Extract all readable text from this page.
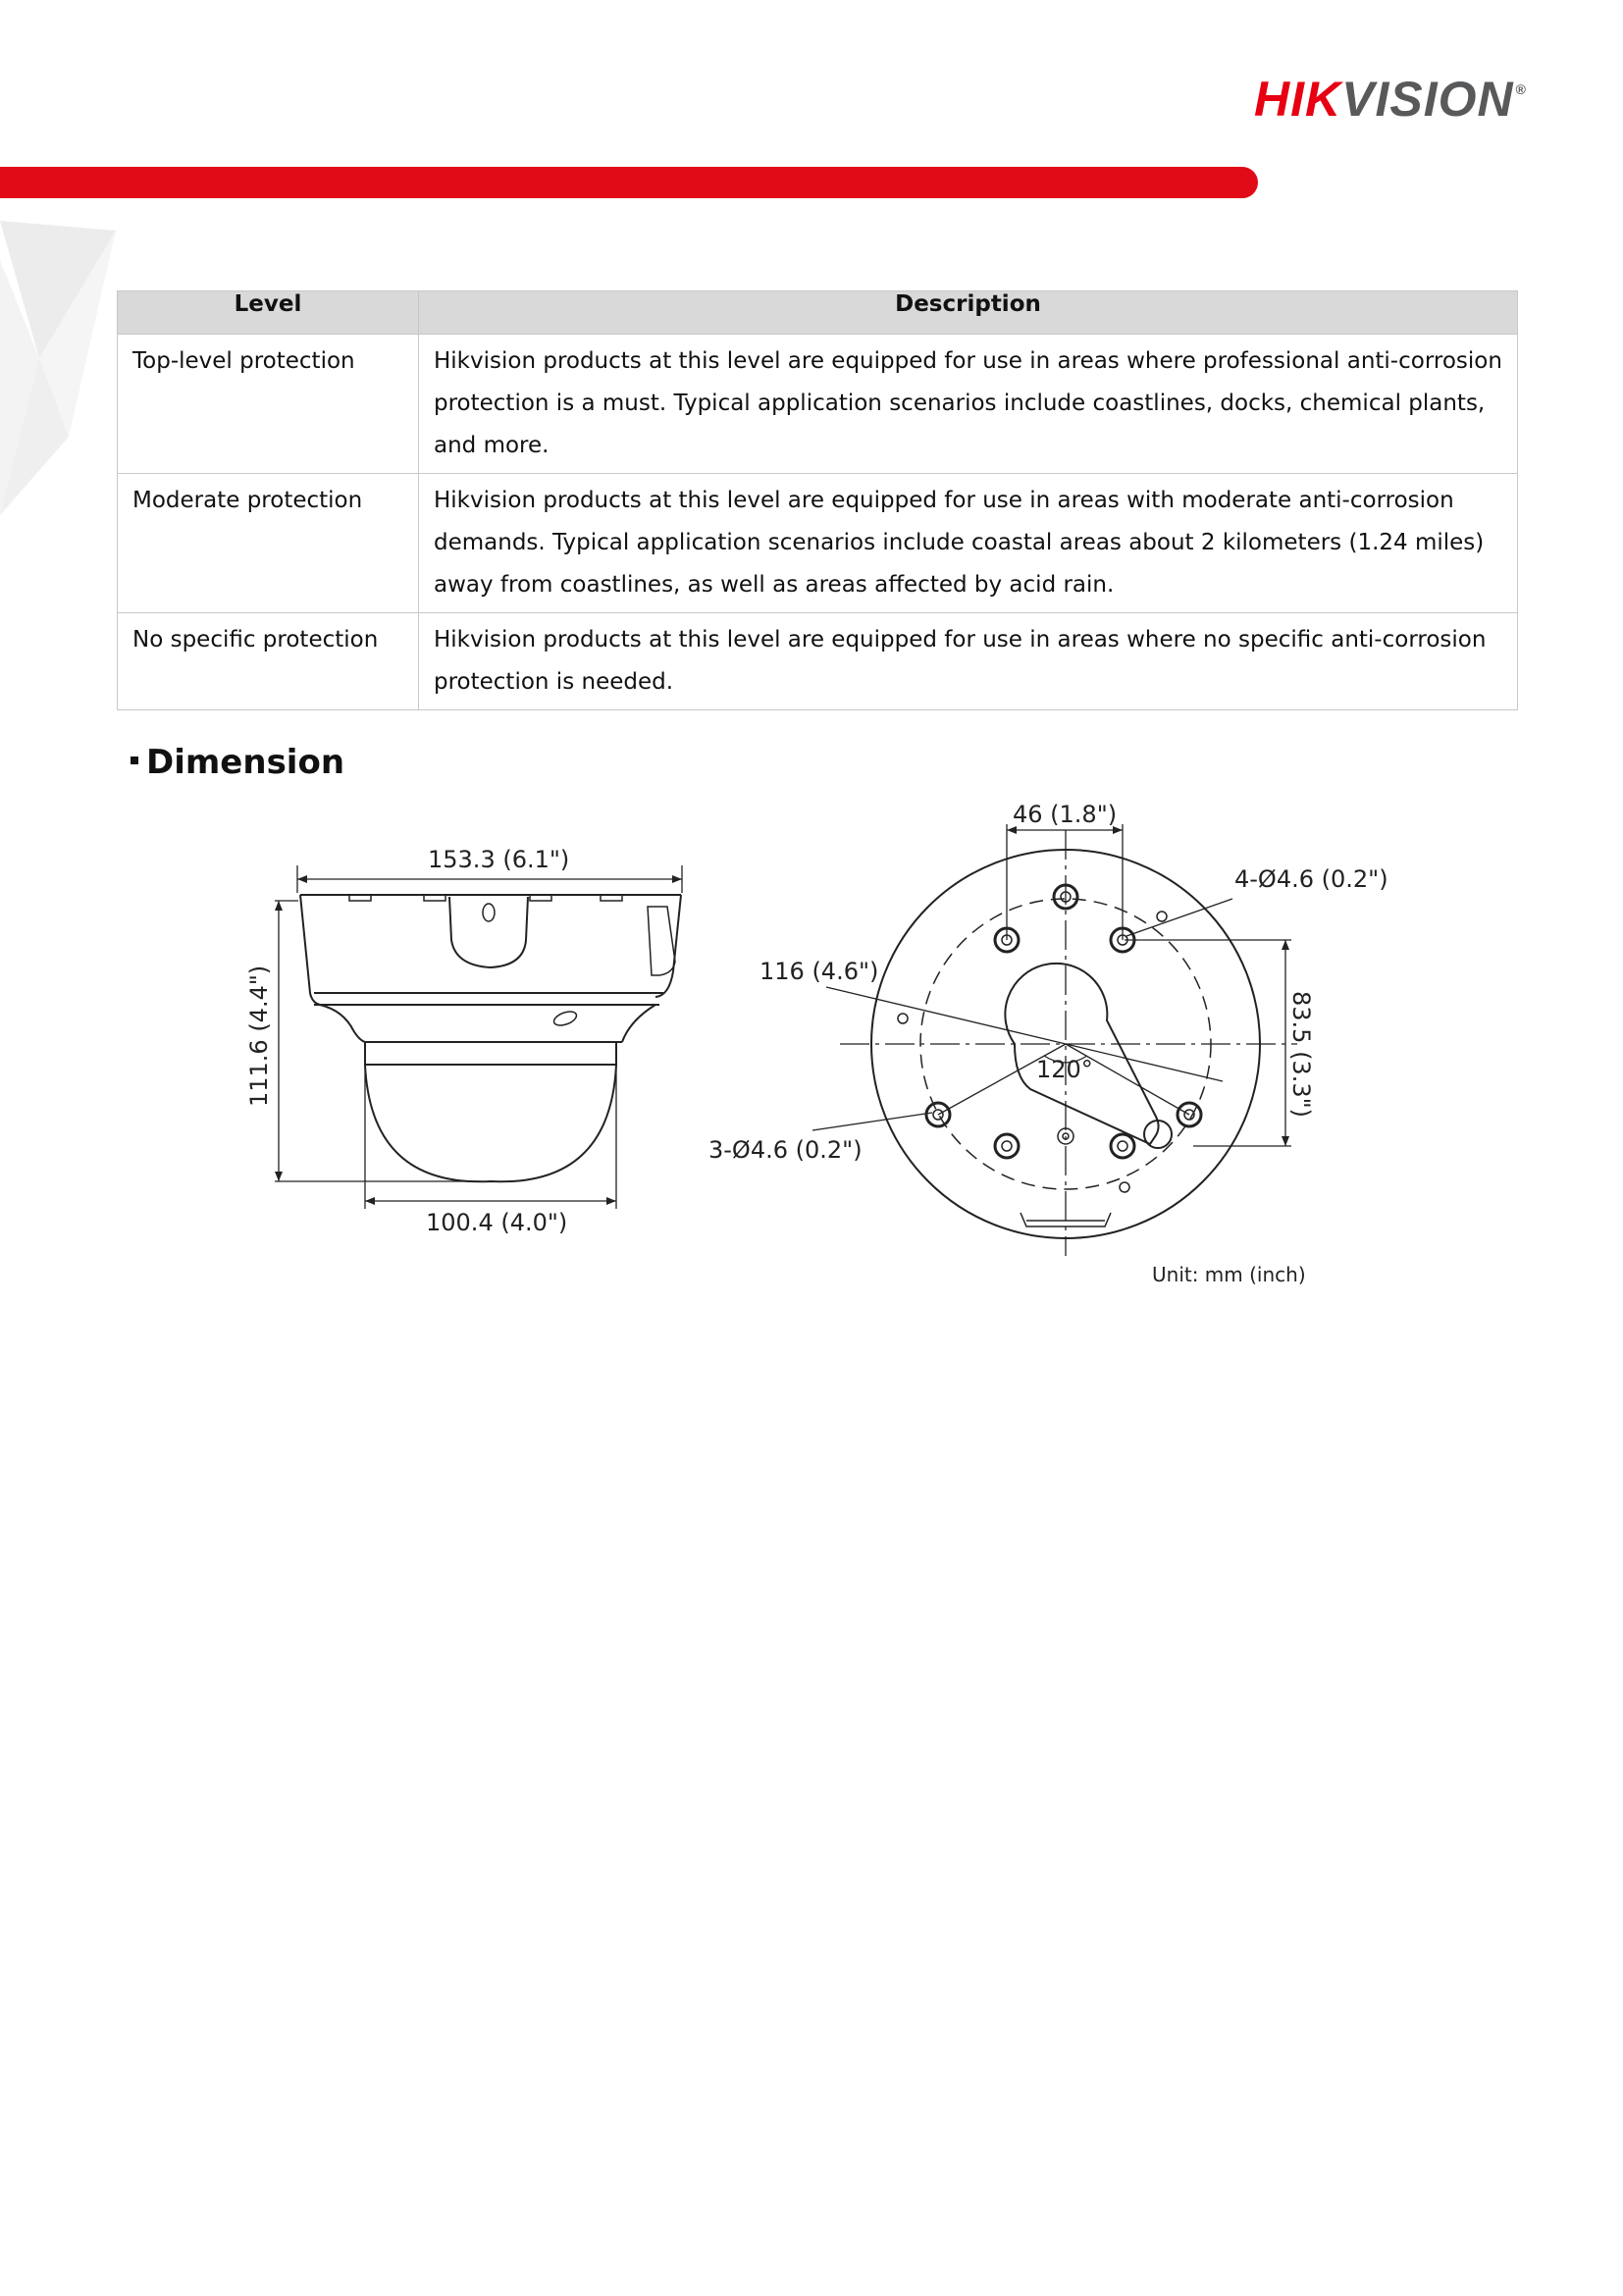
HIKVISION ®
Level	Description
Top-level protection	Hikvision products at this level are equipped for use in areas where professional anti-corrosion protection is a must. Typical application scenarios include coastlines, docks, chemical plants, and more.
Moderate protection	Hikvision products at this level are equipped for use in areas with moderate anti-corrosion demands. Typical application scenarios include coastal areas about 2 kilometers (1.24 miles) away from coastlines, as well as areas affected by acid rain.
No specific protection	Hikvision products at this level are equipped for use in areas where no specific anti-corrosion protection is needed.
Dimension
153.3 (6.1")
111.6 (4.4")
100.4 (4.0")
46 (1.8")
4-Ø4.6 (0.2")
116 (4.6")
83.5 (3.3")
120°
3-Ø4.6 (0.2")
Unit: mm (inch)
